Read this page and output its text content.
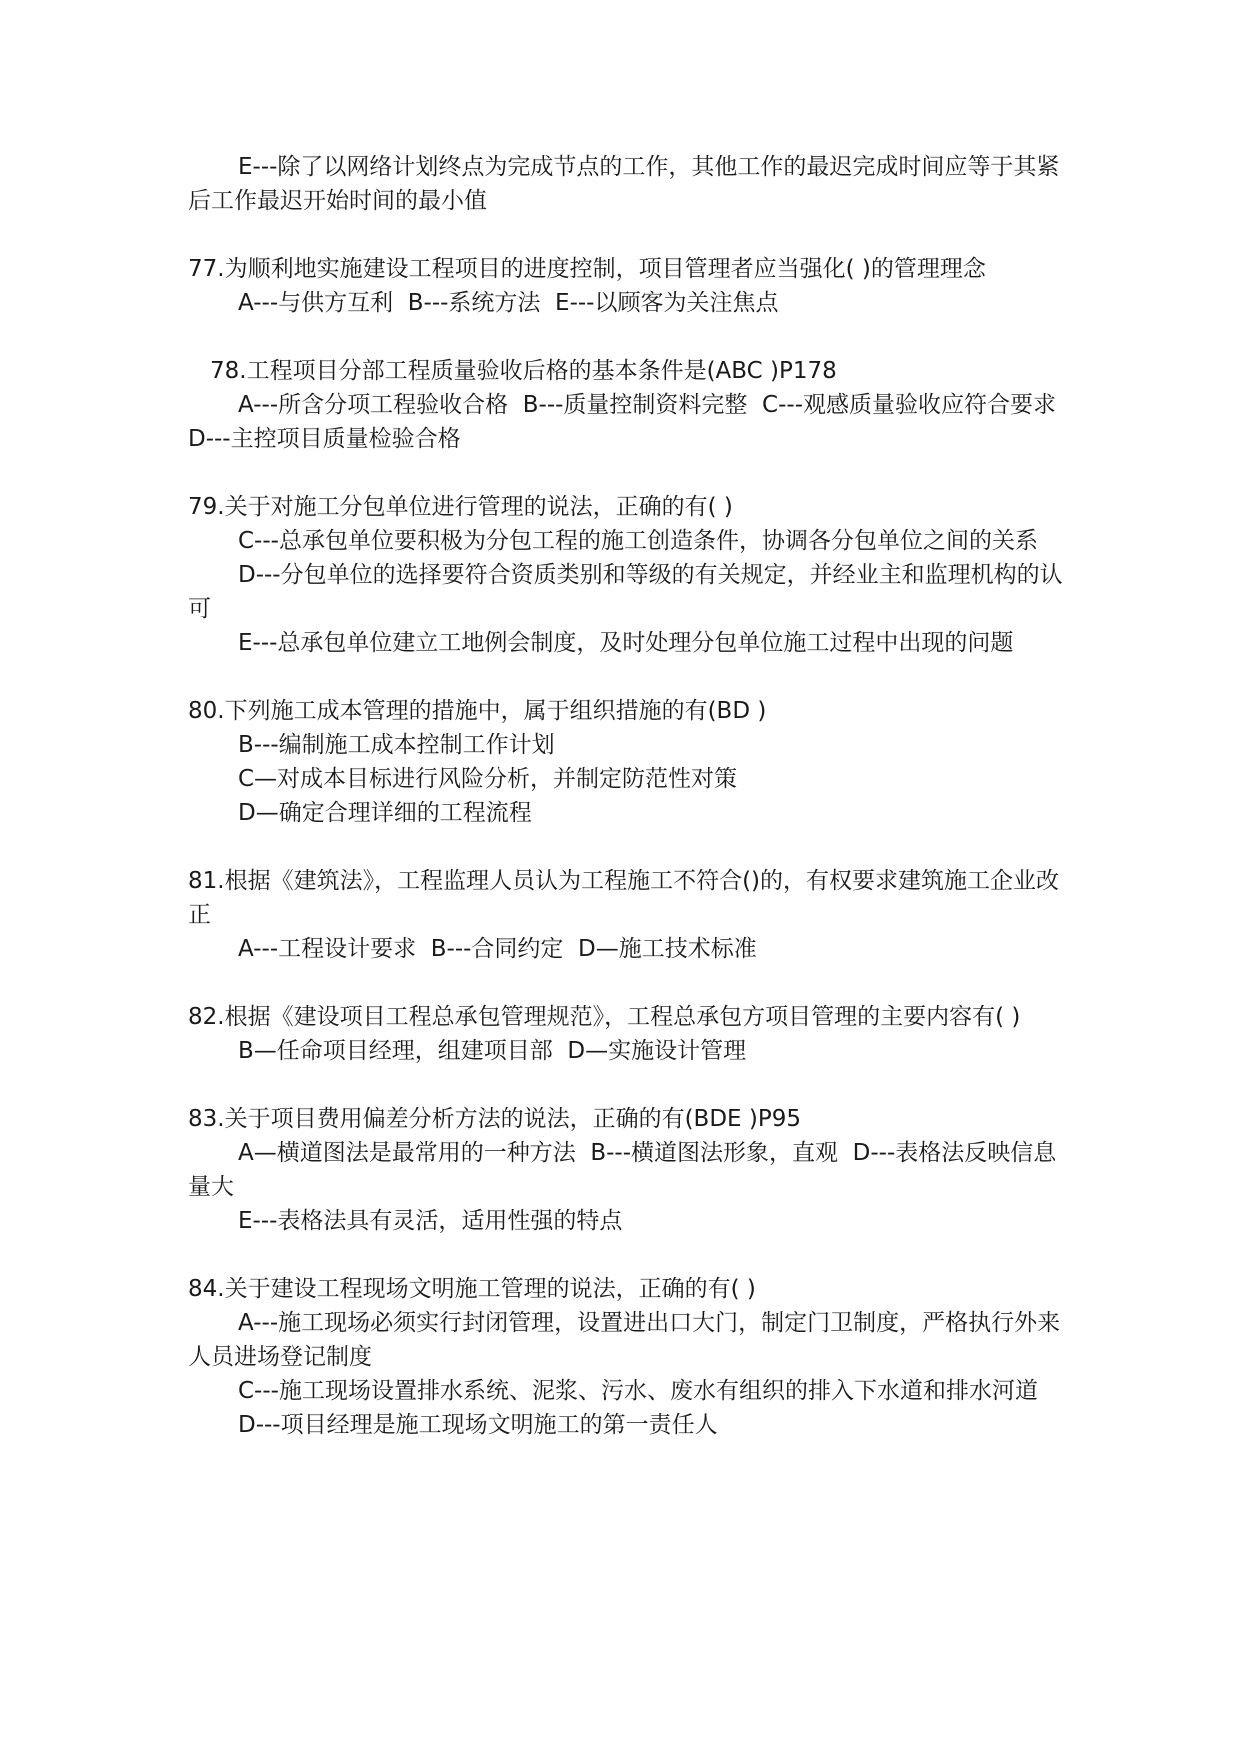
E---除了以网络计划终点为完成节点的工作，其他工作的最迟完成时间应等于其紧后工作最迟开始时间的最小值

77.为顺利地实施建设工程项目的进度控制，项目管理者应当强化( )的管理理念

A---与供方互利  B---系统方法  E---以顾客为关注焦点

78.工程项目分部工程质量验收后格的基本条件是(ABC )P178

A---所含分项工程验收合格  B---质量控制资料完整  C---观感质量验收应符合要求  D---主控项目质量检验合格

79.关于对施工分包单位进行管理的说法，正确的有( )

C---总承包单位要积极为分包工程的施工创造条件，协调各分包单位之间的关系

D---分包单位的选择要符合资质类别和等级的有关规定，并经业主和监理机构的认可

E---总承包单位建立工地例会制度，及时处理分包单位施工过程中出现的问题

80.下列施工成本管理的措施中，属于组织措施的有(BD )

B---编制施工成本控制工作计划

C—对成本目标进行风险分析，并制定防范性对策

D—确定合理详细的工程流程

81.根据《建筑法》，工程监理人员认为工程施工不符合()的，有权要求建筑施工企业改正

A---工程设计要求  B---合同约定  D—施工技术标准

82.根据《建设项目工程总承包管理规范》，工程总承包方项目管理的主要内容有( )

B—任命项目经理，组建项目部  D—实施设计管理

83.关于项目费用偏差分析方法的说法，正确的有(BDE )P95

A—横道图法是最常用的一种方法  B---横道图法形象，直观  D---表格法反映信息量大

E---表格法具有灵活，适用性强的特点

84.关于建设工程现场文明施工管理的说法，正确的有( )

A---施工现场必须实行封闭管理，设置进出口大门，制定门卫制度，严格执行外来人员进场登记制度

C---施工现场设置排水系统、泥浆、污水、废水有组织的排入下水道和排水河道

D---项目经理是施工现场文明施工的第一责任人
